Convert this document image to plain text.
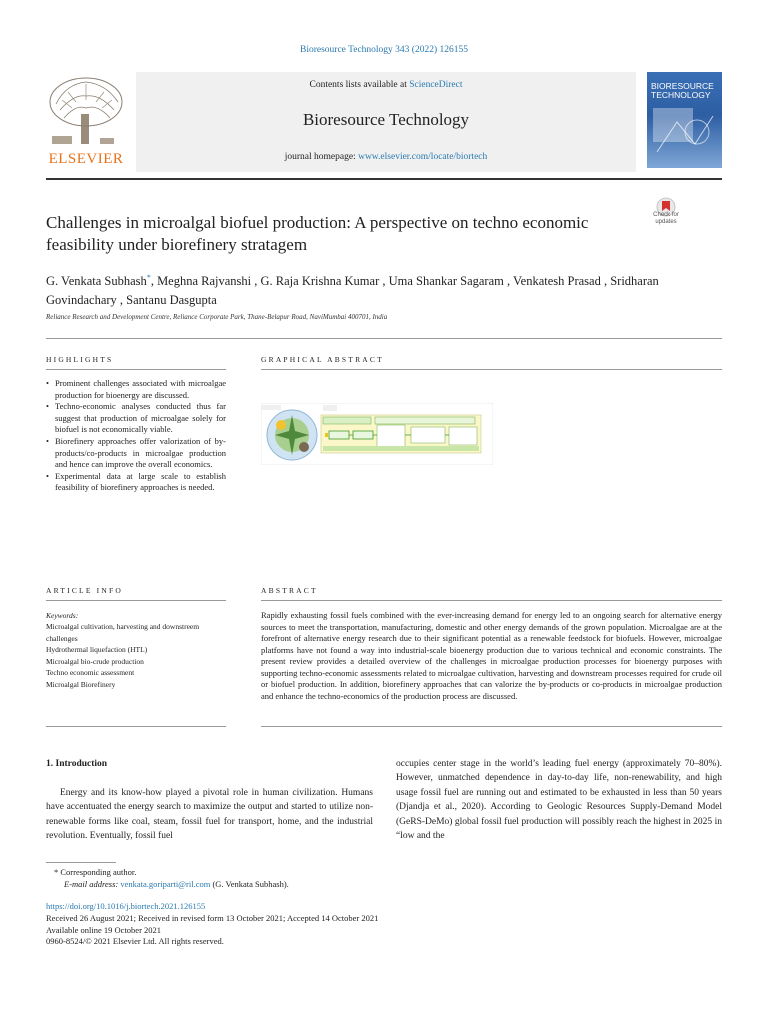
Bioresource Technology 343 (2022) 126155
ELSEVIER
Contents lists available at ScienceDirect
Bioresource Technology
journal homepage: www.elsevier.com/locate/biortech
BIORESOURCE TECHNOLOGY
Challenges in microalgal biofuel production: A perspective on techno economic feasibility under biorefinery stratagem
Check for updates
G. Venkata Subhash*, Meghna Rajvanshi , G. Raja Krishna Kumar , Uma Shankar Sagaram , Venkatesh Prasad , Sridharan Govindachary , Santanu Dasgupta
Reliance Research and Development Centre, Reliance Corporate Park, Thane-Belapur Road, NaviMumbai 400701, India
HIGHLIGHTS	GRAPHICAL ABSTRACT
• Prominent challenges associated with microalgae production for bioenergy are discussed.
• Techno-economic analyses conducted thus far suggest that production of microalgae solely for biofuel is not economically viable.
• Biorefinery approaches offer valorization of by-products/co-products in microalgae production and hence can improve the overall economics.
• Experimental data at large scale to establish feasibility of biorefinery approaches is needed.
ARTICLE INFO	ABSTRACT
Keywords:
Microalgal cultivation, harvesting and downstreem challenges
Hydrothermal liquefaction (HTL)
Microalgal bio-crude production
Techno economic assessment
Microalgal Biorefinery
Rapidly exhausting fossil fuels combined with the ever-increasing demand for energy led to an ongoing search for alternative energy sources to meet the transportation, manufacturing, domestic and other energy demands of the grown population. Microalgae are at the forefront of alternative energy research due to their significant potential as a renewable feedstock for biofuels. However, microalgae platforms have not found a way into industrial-scale bioenergy production due to various technical and economic constraints. The present review provides a detailed overview of the challenges in microalgae production processes for bioenergy purposes with supporting techno-economic assessments related to microalgae cultivation, harvesting and downstream processes required for crude oil or biofuel production. In addition, biorefinery approaches that can valorize the by-products or co-products in microalgae production and enhance the techno-economics of the production process are discussed.
1. Introduction
Energy and its know-how played a pivotal role in human civilization. Humans have accentuated the energy search to maximize the output and started to utilize non-renewable forms like coal, steam, fossil fuel for transport, home, and the industrial revolution. Eventually, fossil fuel
occupies center stage in the world’s leading fuel energy (approximately 70–80%). However, unmatched dependence in day-to-day life, non-renewability, and high usage fossil fuel are running out and estimated to be exhausted in less than 50 years (Djandja et al., 2020). According to Geologic Resources Supply-Demand Model (GeRS-DeMo) global fossil fuel production will possibly reach the highest in 2025 in “low and the
* Corresponding author.
E-mail address: venkata.goriparti@ril.com (G. Venkata Subhash).
https://doi.org/10.1016/j.biortech.2021.126155
Received 26 August 2021; Received in revised form 13 October 2021; Accepted 14 October 2021
Available online 19 October 2021
0960-8524/© 2021 Elsevier Ltd. All rights reserved.
